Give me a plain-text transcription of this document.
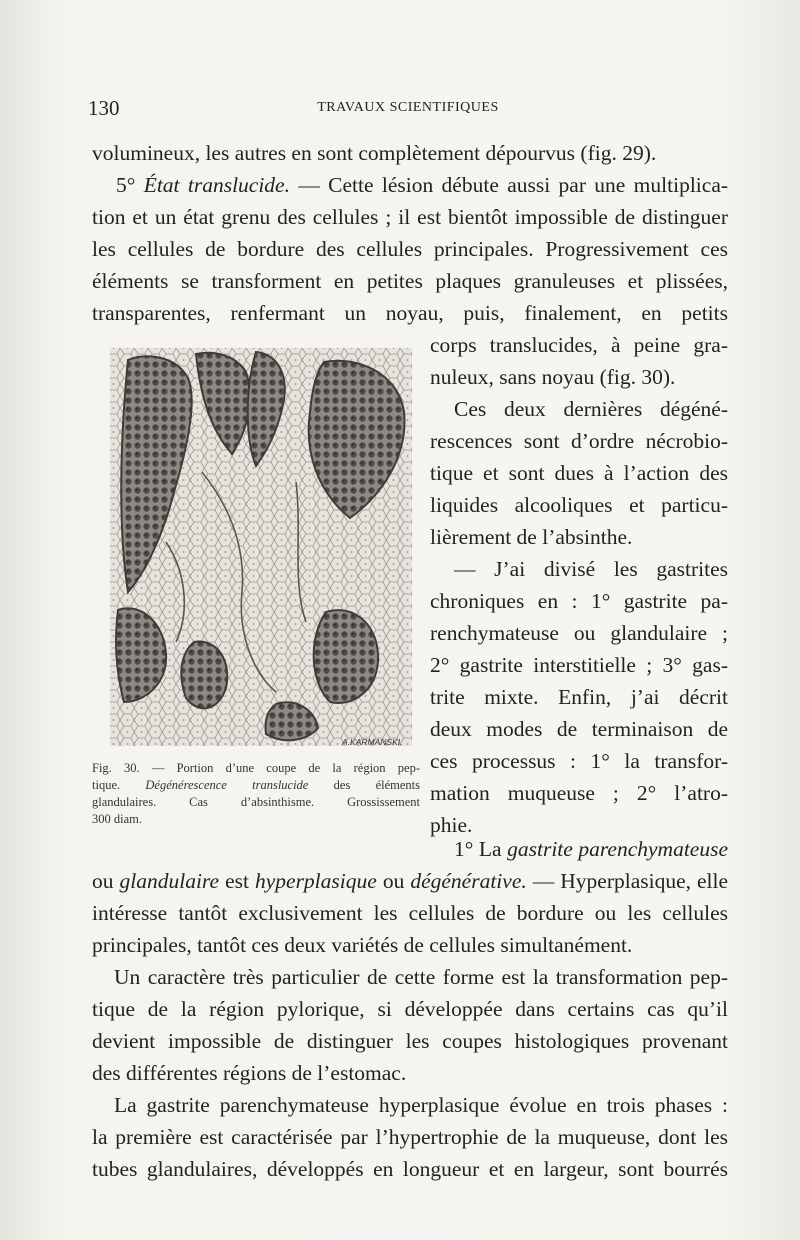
130	TRAVAUX SCIENTIFIQUES
volumineux, les autres en sont complètement dépourvus (fig. 29).
5° État translucide. — Cette lésion débute aussi par une multiplica-
tion et un état grenu des cellules ; il est bientôt impossible de distinguer
les cellules de bordure des cellules principales. Progressivement ces
éléments se transforment en petites plaques granuleuses et plissées,
transparentes, renfermant un noyau, puis, finalement, en petits
corps translucides, à peine gra-
nuleux, sans noyau (fig. 30).
Ces deux dernières dégéné-
rescences sont d’ordre nécrobio-
tique et sont dues à l’action des
liquides alcooliques et particu-
lièrement de l’absinthe.
— J’ai divisé les gastrites
chroniques en : 1° gastrite pa-
renchymateuse ou glandulaire ;
2° gastrite interstitielle ; 3° gas-
trite mixte. Enfin, j’ai décrit
deux modes de terminaison de
ces processus : 1° la transfor-
mation muqueuse ; 2° l’atro-
phie.
1° La gastrite parenchymateuse
ou glandulaire est hyperplasique ou dégénérative. — Hyperplasique, elle
intéresse tantôt exclusivement les cellules de bordure ou les cellules
principales, tantôt ces deux variétés de cellules simultanément.
Un caractère très particulier de cette forme est la transformation pep-
tique de la région pylorique, si développée dans certains cas qu’il
devient impossible de distinguer les coupes histologiques provenant
des différentes régions de l’estomac.
La gastrite parenchymateuse hyperplasique évolue en trois phases :
la première est caractérisée par l’hypertrophie de la muqueuse, dont les
tubes glandulaires, développés en longueur et en largeur, sont bourrés
A.KARMANSKI.
Fig. 30. — Portion d’une coupe de la région pep-
tique. Dégénérescence translucide des éléments
glandulaires. Cas d’absinthisme. Grossissement
300 diam.
